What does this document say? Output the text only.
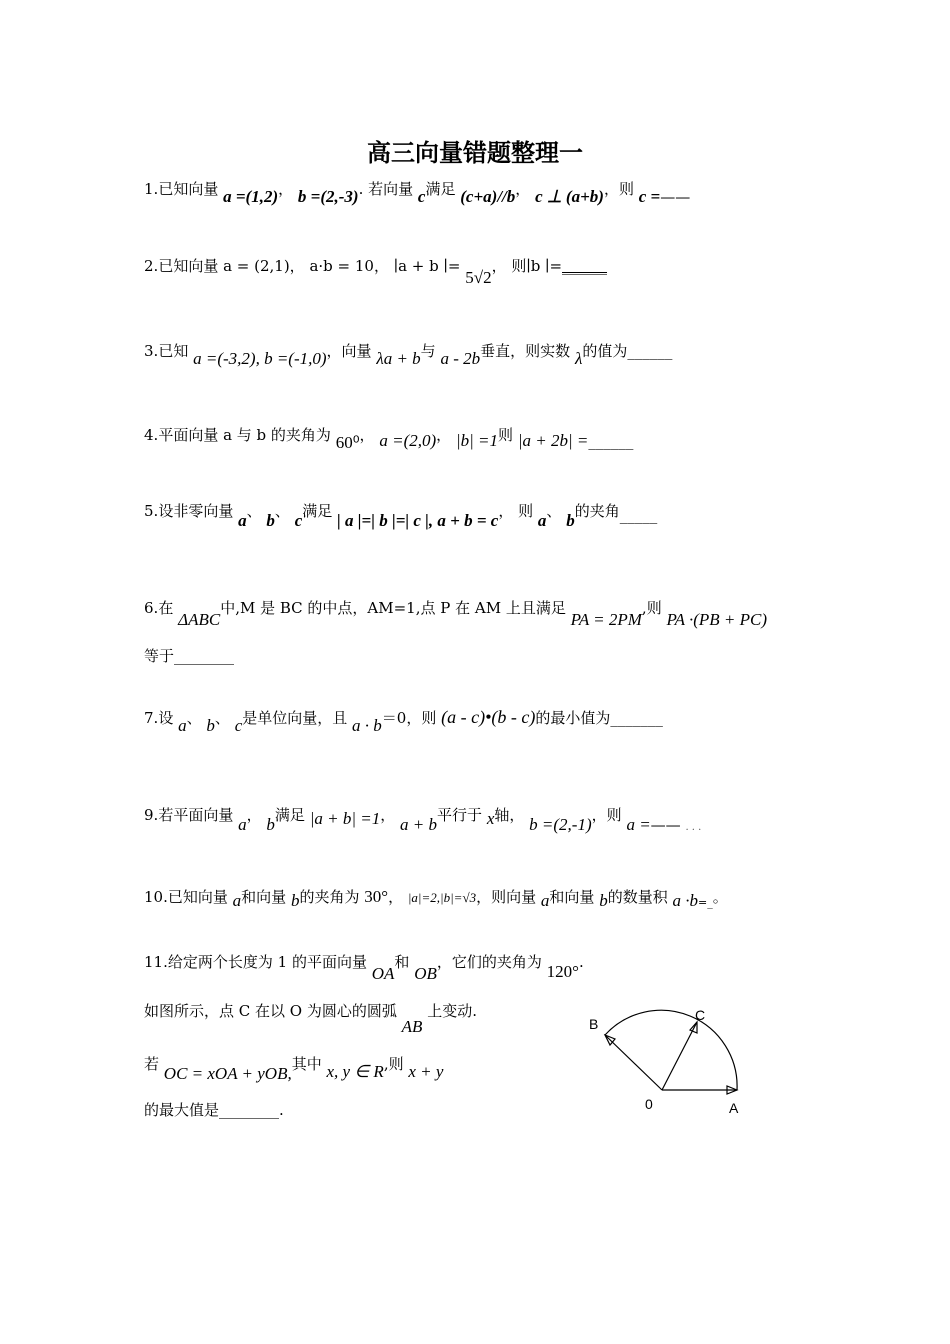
高三向量错题整理一
1.已知向量 a =(1,2)， b =(2,-3). 若向量 c满足 (c+a)//b， c ⊥ (a+b)，则 c =——
2.已知向量 a = (2,1)， a·b = 10， ∣a + b ∣= 5√2， 则∣b ∣=______
3.已知 a =(-3,2), b =(-1,0)，向量 λa + b与 a - 2b垂直，则实数 λ的值为______
4.平面向量 a 与 b 的夹角为 60⁰， a =(2,0)， |b| =1则 |a + 2b| =______
5.设非零向量 a、 b、 c满足 | a |=| b |=| c |, a + b = c， 则 a、 b的夹角_____
6.在 ΔABC中,M 是 BC 的中点，AM=1,点 P 在 AM 上且满足 PA = 2PM,则 PA ·(PB + PC)
等于________
7.设 a、 b、 c是单位向量，且 a · b＝0，则 (a - c)•(b - c)的最小值为_______
9.若平面向量 a， b满足 |a + b| =1， a + b平行于 x轴， b =(2,-1)，则 a =—— $_{. . .}$
10.已知向量 a和向量 b的夹角为 30°， |a|=2,|b|=√3，则向量 a和向量 b的数量积 $a \cdot b_{=\_}$。
11.给定两个长度为 1 的平面向量 OA和 OB，它们的夹角为 120°.
如图所示，点 C 在以 O 为圆心的圆弧 AB 上变动.
若 OC = xOA + yOB,其中 x, y ∈ R,则 x + y
的最大值是________.
B
C
0	A
